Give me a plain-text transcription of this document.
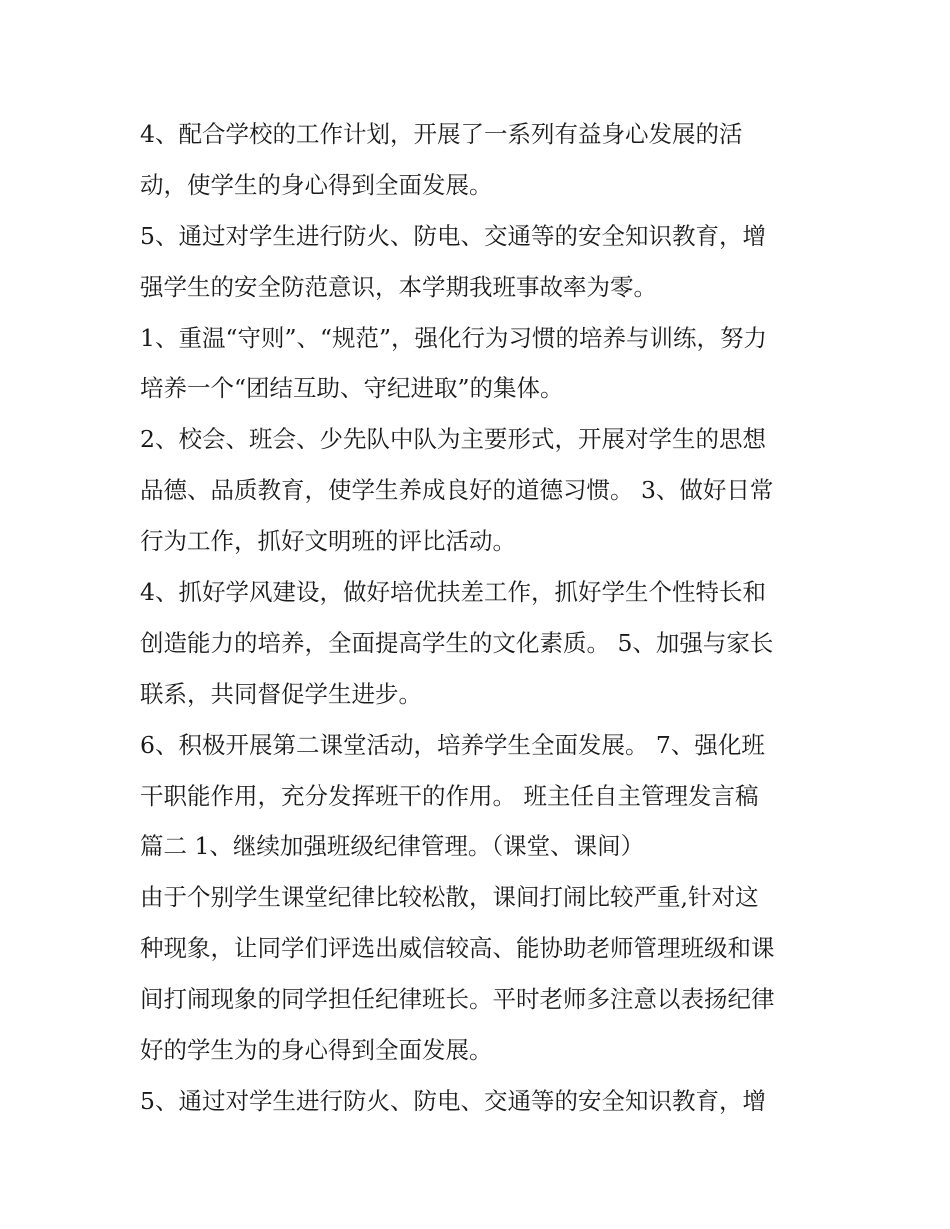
4、配合学校的工作计划，开展了一系列有益身心发展的活
动，使学生的身心得到全面发展。
5、通过对学生进行防火、防电、交通等的安全知识教育，增
强学生的安全防范意识，本学期我班事故率为零。
1、重温“守则”、“规范”，强化行为习惯的培养与训练，努力
培养一个“团结互助、守纪进取”的集体。
2、校会、班会、少先队中队为主要形式，开展对学生的思想
品德、品质教育，使学生养成良好的道德习惯。 3、做好日常
行为工作，抓好文明班的评比活动。
4、抓好学风建设，做好培优扶差工作，抓好学生个性特长和
创造能力的培养，全面提高学生的文化素质。 5、加强与家长
联系，共同督促学生进步。
6、积极开展第二课堂活动，培养学生全面发展。 7、强化班
干职能作用，充分发挥班干的作用。 班主任自主管理发言稿
篇二 1、继续加强班级纪律管理。（课堂、课间）
由于个别学生课堂纪律比较松散，课间打闹比较严重,针对这
种现象，让同学们评选出威信较高、能协助老师管理班级和课
间打闹现象的同学担任纪律班长。平时老师多注意以表扬纪律
好的学生为的身心得到全面发展。
5、通过对学生进行防火、防电、交通等的安全知识教育，增
